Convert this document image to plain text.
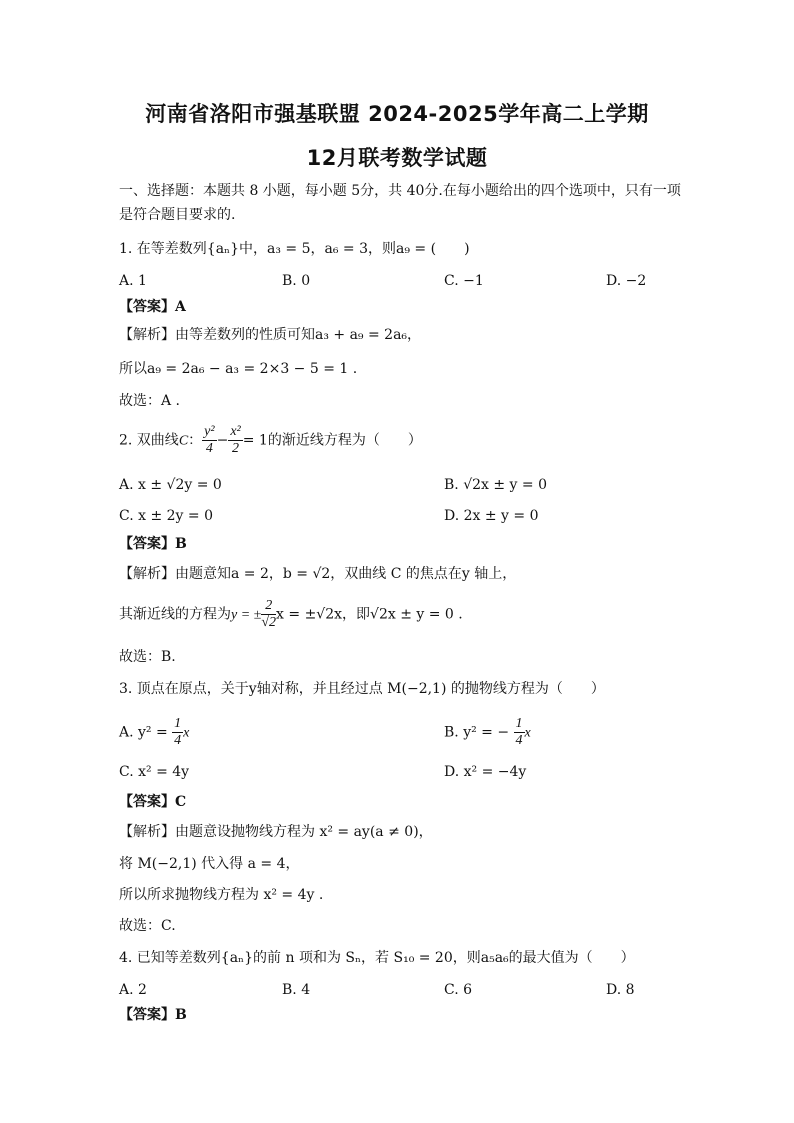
河南省洛阳市强基联盟 2024-2025学年高二上学期
12月联考数学试题
一、选择题：本题共 8 小题，每小题 5分，共 40分.在每小题给出的四个选项中，只有一项
是符合题目要求的.
1. 在等差数列{aₙ}中，a₃ = 5，a₆ = 3，则a₉ = (　　)
A. 1	B. 0	C. −1	D. −2
【答案】A
【解析】由等差数列的性质可知a₃ + a₉ = 2a₆，
所以a₉ = 2a₆ − a₃ = 2×3 − 5 = 1 .
故选：A .
2. 双曲线C： $\frac{\text{y²}}{4} - \frac{\text{x²}}{2} = 1$的渐近线方程为（　　）
A. x ± √2y = 0	B. √2x ± y = 0
C. x ± 2y = 0	D. 2x ± y = 0
【答案】B
【解析】由题意知a = 2，b = √2，双曲线 C 的焦点在y 轴上，
其渐近线的方程为y = ± $\frac{2}{√2}$ x = ±√2x，即√2x ± y = 0 .
故选：B.
3. 顶点在原点，关于y轴对称，并且经过点 M(−2,1) 的抛物线方程为（　　）
A. $y^2 = \frac{1}{4}$ x	B. y² = − $\frac{1}{4}$ x
C. x² = 4y	D. x² = −4y
【答案】C
【解析】由题意设抛物线方程为 x² = ay(a ≠ 0)，
将 M(−2,1) 代入得 a = 4，
所以所求抛物线方程为 x² = 4y .
故选：C.
4. 已知等差数列{aₙ}的前 n 项和为 Sₙ，若 S₁₀ = 20，则a₅a₆的最大值为（　　）
A. 2	B. 4	C. 6	D. 8
【答案】B
